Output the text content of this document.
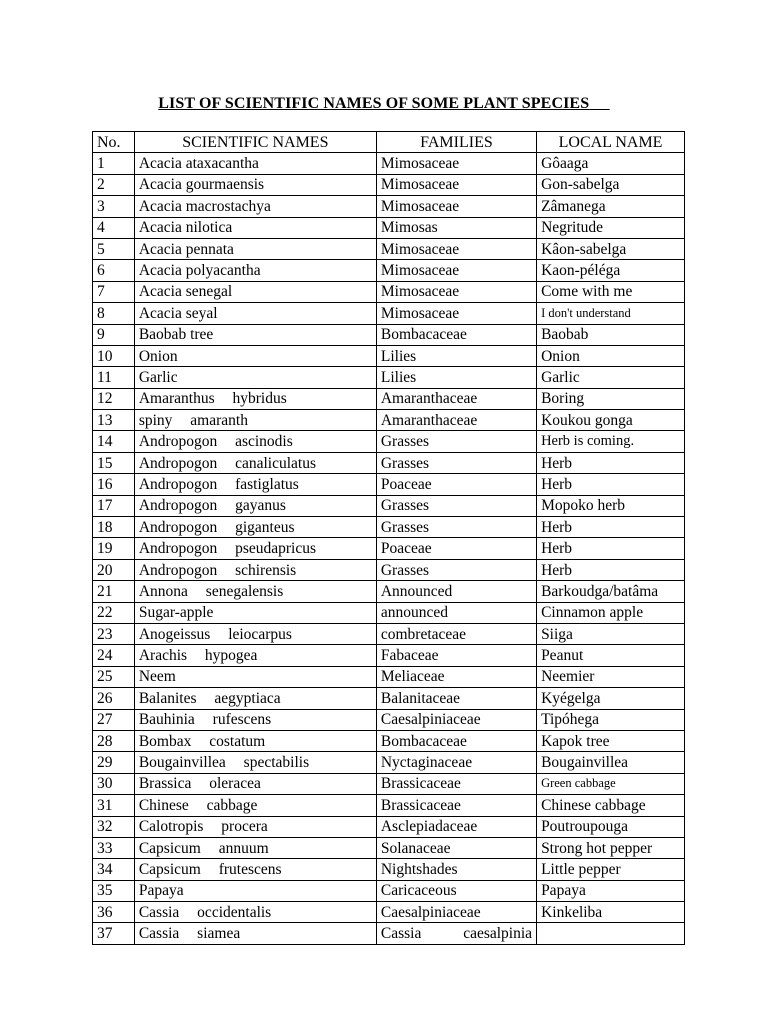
LIST OF SCIENTIFIC NAMES OF SOME PLANT SPECIES
No.	SCIENTIFIC NAMES	FAMILIES	LOCAL NAME
1	Acacia ataxacantha	Mimosaceae	Gôaaga
2	Acacia gourmaensis	Mimosaceae	Gon-sabelga
3	Acacia macrostachya	Mimosaceae	Zâmanega
4	Acacia nilotica	Mimosas	Negritude
5	Acacia pennata	Mimosaceae	Kâon-sabelga
6	Acacia polyacantha	Mimosaceae	Kaon-péléga
7	Acacia senegal	Mimosaceae	Come with me
8	Acacia seyal	Mimosaceae	I don't understand
9	Baobab tree	Bombacaceae	Baobab
10	Onion	Lilies	Onion
11	Garlic	Lilies	Garlic
12	Amaranthus hybridus	Amaranthaceae	Boring
13	spiny amaranth	Amaranthaceae	Koukou gonga
14	Andropogon ascinodis	Grasses	Herb is coming.
15	Andropogon canaliculatus	Grasses	Herb
16	Andropogon fastiglatus	Poaceae	Herb
17	Andropogon gayanus	Grasses	Mopoko herb
18	Andropogon giganteus	Grasses	Herb
19	Andropogon pseudapricus	Poaceae	Herb
20	Andropogon schirensis	Grasses	Herb
21	Annona senegalensis	Announced	Barkoudga/batâma
22	Sugar-apple	announced	Cinnamon apple
23	Anogeissus leiocarpus	combretaceae	Siiga
24	Arachis hypogea	Fabaceae	Peanut
25	Neem	Meliaceae	Neemier
26	Balanites aegyptiaca	Balanitaceae	Kyégelga
27	Bauhinia rufescens	Caesalpiniaceae	Tipóhega
28	Bombax costatum	Bombacaceae	Kapok tree
29	Bougainvillea spectabilis	Nyctaginaceae	Bougainvillea
30	Brassica oleracea	Brassicaceae	Green cabbage
31	Chinese cabbage	Brassicaceae	Chinese cabbage
32	Calotropis procera	Asclepiadaceae	Poutroupouga
33	Capsicum annuum	Solanaceae	Strong hot pepper
34	Capsicum frutescens	Nightshades	Little pepper
35	Papaya	Caricaceous	Papaya
36	Cassia occidentalis	Caesalpiniaceae	Kinkeliba
37	Cassia siamea	Cassia caesalpinia	
